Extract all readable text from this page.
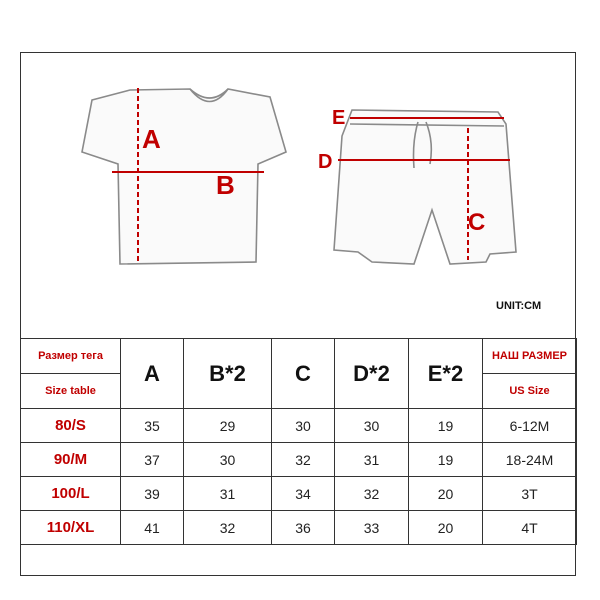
A
B
C
D
E
UNIT:CM
Размер тега
Size table	A	B*2	C	D*2	E*2	НАШ РАЗМЕР
US Size

80/S	35	29	30	30	19	6-12M
90/M	37	30	32	31	19	18-24M
100/L	39	31	34	32	20	3T
110/XL	41	32	36	33	20	4T
